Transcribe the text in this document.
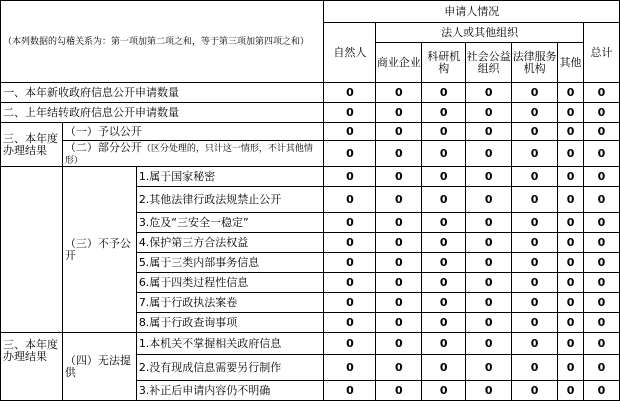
（本列数据的勾稽关系为：第一项加第二项之和，等于第三项加第四项之和）			申请人情况						
			自然人	法人或其他组织					总计
				商业企业	科研机构	社会公益组织	法律服务机构	其他	
一、本年新收政府信息公开申请数量			0	0	0	0	0	0	0
二、上年结转政府信息公开申请数量			0	0	0	0	0	0	0
三、本年度办理结果	（一）予以公开		0	0	0	0	0	0	0
	（二）部分公开（区分处理的，只计这一情形，不计其他情形）		0	0	0	0	0	0	0
	（三）不予公开	1.属于国家秘密	0	0	0	0	0	0	0
		2.其他法律行政法规禁止公开	0	0	0	0	0	0	0
		3.危及“三安全一稳定”	0	0	0	0	0	0	0
		4.保护第三方合法权益	0	0	0	0	0	0	0
		5.属于三类内部事务信息	0	0	0	0	0	0	0
		6.属于四类过程性信息	0	0	0	0	0	0	0
		7.属于行政执法案卷	0	0	0	0	0	0	0
		8.属于行政查询事项	0	0	0	0	0	0	0

三、本年度办理结果	（四）无法提供	1.本机关不掌握相关政府信息	0	0	0	0	0	0	0
		2.没有现成信息需要另行制作	0	0	0	0	0	0	0
		3.补正后申请内容仍不明确	0	0	0	0	0	0	0
